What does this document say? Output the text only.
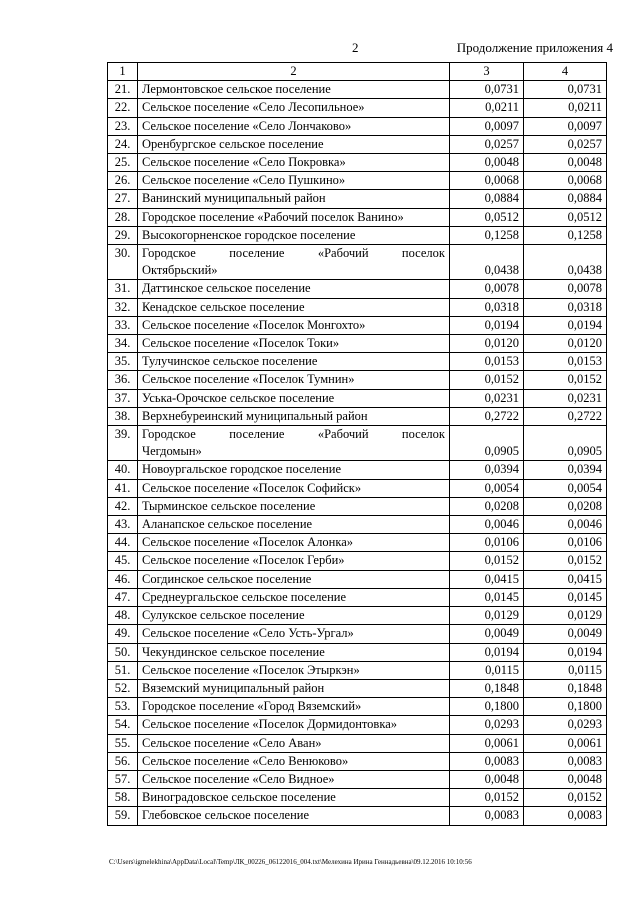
2	Продолжение приложения 4
1	2	3	4
21.	Лермонтовское сельское поселение	0,0731	0,0731
22.	Сельское поселение «Село Лесопильное»	0,0211	0,0211
23.	Сельское поселение «Село Лончаково»	0,0097	0,0097
24.	Оренбургское сельское поселение	0,0257	0,0257
25.	Сельское поселение «Село Покровка»	0,0048	0,0048
26.	Сельское поселение «Село Пушкино»	0,0068	0,0068
27.	Ванинский муниципальный район	0,0884	0,0884
28.	Городское поселение «Рабочий поселок Ванино»	0,0512	0,0512
29.	Высокогорненское городское поселение	0,1258	0,1258
30.	Городское поселение «Рабочий поселок
Октябрьский»	0,0438	0,0438
31.	Даттинское сельское поселение	0,0078	0,0078
32.	Кенадское сельское поселение	0,0318	0,0318
33.	Сельское поселение «Поселок Монгохто»	0,0194	0,0194
34.	Сельское поселение «Поселок Токи»	0,0120	0,0120
35.	Тулучинское сельское поселение	0,0153	0,0153
36.	Сельское поселение «Поселок Тумнин»	0,0152	0,0152
37.	Уська-Орочское сельское поселение	0,0231	0,0231
38.	Верхнебуреинский муниципальный район	0,2722	0,2722
39.	Городское поселение «Рабочий поселок
Чегдомын»	0,0905	0,0905
40.	Новоургальское городское поселение	0,0394	0,0394
41.	Сельское поселение «Поселок Софийск»	0,0054	0,0054
42.	Тырминское сельское поселение	0,0208	0,0208
43.	Аланапское сельское поселение	0,0046	0,0046
44.	Сельское поселение «Поселок Алонка»	0,0106	0,0106
45.	Сельское поселение «Поселок Герби»	0,0152	0,0152
46.	Согдинское сельское поселение	0,0415	0,0415
47.	Среднеургальское сельское поселение	0,0145	0,0145
48.	Сулукское сельское поселение	0,0129	0,0129
49.	Сельское поселение «Село Усть-Ургал»	0,0049	0,0049
50.	Чекундинское сельское поселение	0,0194	0,0194
51.	Сельское поселение «Поселок Этыркэн»	0,0115	0,0115
52.	Вяземский муниципальный район	0,1848	0,1848
53.	Городское поселение «Город Вяземский»	0,1800	0,1800
54.	Сельское поселение «Поселок Дормидонтовка»	0,0293	0,0293
55.	Сельское поселение «Село Аван»	0,0061	0,0061
56.	Сельское поселение «Село Венюково»	0,0083	0,0083
57.	Сельское поселение «Село Видное»	0,0048	0,0048
58.	Виноградовское сельское поселение	0,0152	0,0152
59.	Глебовское сельское поселение	0,0083	0,0083
C:\Users\igmelekhina\AppData\Local\Temp\ЛК_00226_06122016_004.txt\Мелехина Ирина Геннадьевна\09.12.2016 10:10:56
